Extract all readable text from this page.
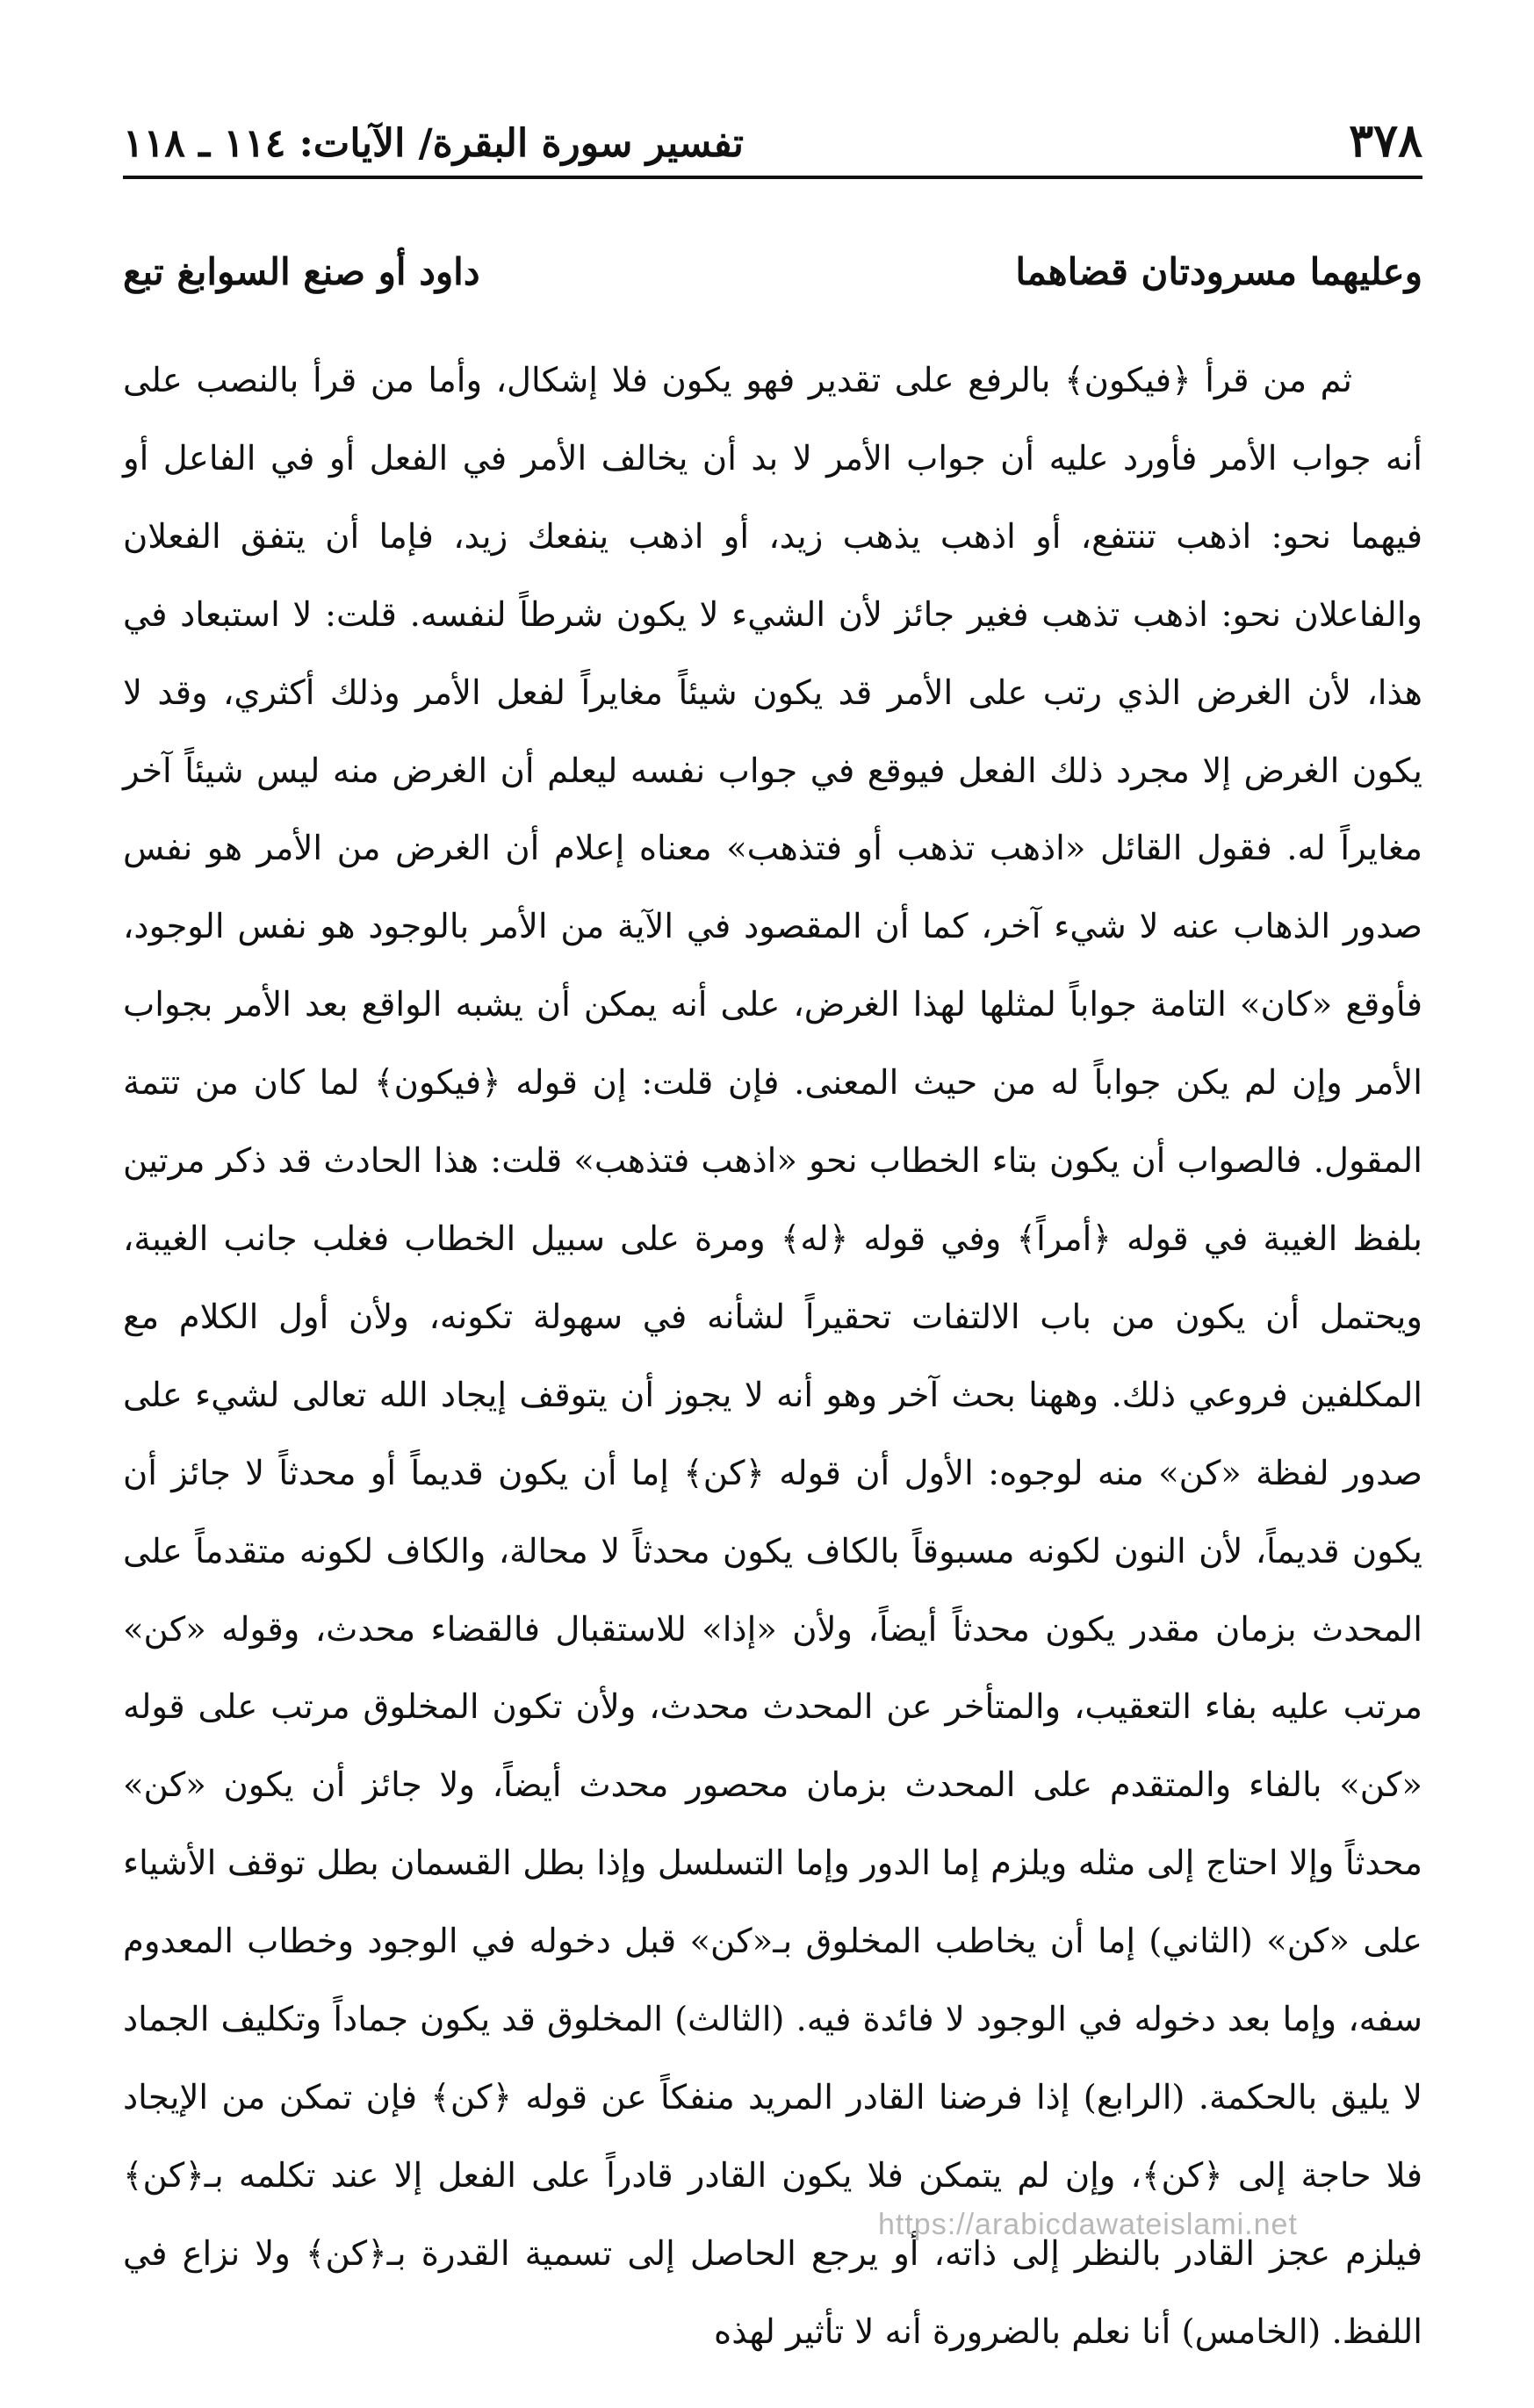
٣٧٨
تفسير سورة البقرة/ الآيات: ١١٤ ـ ١١٨
وعليهما مسرودتان قضاهما
داود أو صنع السوابغ تبع

ثم من قرأ ﴿فيكون﴾ بالرفع على تقدير فهو يكون فلا إشكال، وأما من قرأ بالنصب على أنه جواب الأمر فأورد عليه أن جواب الأمر لا بد أن يخالف الأمر في الفعل أو في الفاعل أو فيهما نحو: اذهب تنتفع، أو اذهب يذهب زيد، أو اذهب ينفعك زيد، فإما أن يتفق الفعلان والفاعلان نحو: اذهب تذهب فغير جائز لأن الشيء لا يكون شرطاً لنفسه. قلت: لا استبعاد في هذا، لأن الغرض الذي رتب على الأمر قد يكون شيئاً مغايراً لفعل الأمر وذلك أكثري، وقد لا يكون الغرض إلا مجرد ذلك الفعل فيوقع في جواب نفسه ليعلم أن الغرض منه ليس شيئاً آخر مغايراً له. فقول القائل «اذهب تذهب أو فتذهب» معناه إعلام أن الغرض من الأمر هو نفس صدور الذهاب عنه لا شيء آخر، كما أن المقصود في الآية من الأمر بالوجود هو نفس الوجود، فأوقع «كان» التامة جواباً لمثلها لهذا الغرض، على أنه يمكن أن يشبه الواقع بعد الأمر بجواب الأمر وإن لم يكن جواباً له من حيث المعنى. فإن قلت: إن قوله ﴿فيكون﴾ لما كان من تتمة المقول. فالصواب أن يكون بتاء الخطاب نحو «اذهب فتذهب» قلت: هذا الحادث قد ذكر مرتين بلفظ الغيبة في قوله ﴿أمراً﴾ وفي قوله ﴿له﴾ ومرة على سبيل الخطاب فغلب جانب الغيبة، ويحتمل أن يكون من باب الالتفات تحقيراً لشأنه في سهولة تكونه، ولأن أول الكلام مع المكلفين فروعي ذلك. وههنا بحث آخر وهو أنه لا يجوز أن يتوقف إيجاد الله تعالى لشيء على صدور لفظة «كن» منه لوجوه: الأول أن قوله ﴿كن﴾ إما أن يكون قديماً أو محدثاً لا جائز أن يكون قديماً، لأن النون لكونه مسبوقاً بالكاف يكون محدثاً لا محالة، والكاف لكونه متقدماً على المحدث بزمان مقدر يكون محدثاً أيضاً، ولأن «إذا» للاستقبال فالقضاء محدث، وقوله «كن» مرتب عليه بفاء التعقيب، والمتأخر عن المحدث محدث، ولأن تكون المخلوق مرتب على قوله «كن» بالفاء والمتقدم على المحدث بزمان محصور محدث أيضاً، ولا جائز أن يكون «كن» محدثاً وإلا احتاج إلى مثله ويلزم إما الدور وإما التسلسل وإذا بطل القسمان بطل توقف الأشياء على «كن» (الثاني) إما أن يخاطب المخلوق بـ«كن» قبل دخوله في الوجود وخطاب المعدوم سفه، وإما بعد دخوله في الوجود لا فائدة فيه. (الثالث) المخلوق قد يكون جماداً وتكليف الجماد لا يليق بالحكمة. (الرابع) إذا فرضنا القادر المريد منفكاً عن قوله ﴿كن﴾ فإن تمكن من الإيجاد فلا حاجة إلى ﴿كن﴾، وإن لم يتمكن فلا يكون القادر قادراً على الفعل إلا عند تكلمه بـ﴿كن﴾ فيلزم عجز القادر بالنظر إلى ذاته، أو يرجع الحاصل إلى تسمية القدرة بـ﴿كن﴾ ولا نزاع في اللفظ. (الخامس) أنا نعلم بالضرورة أنه لا تأثير لهذه

https://arabicdawateislami.net
